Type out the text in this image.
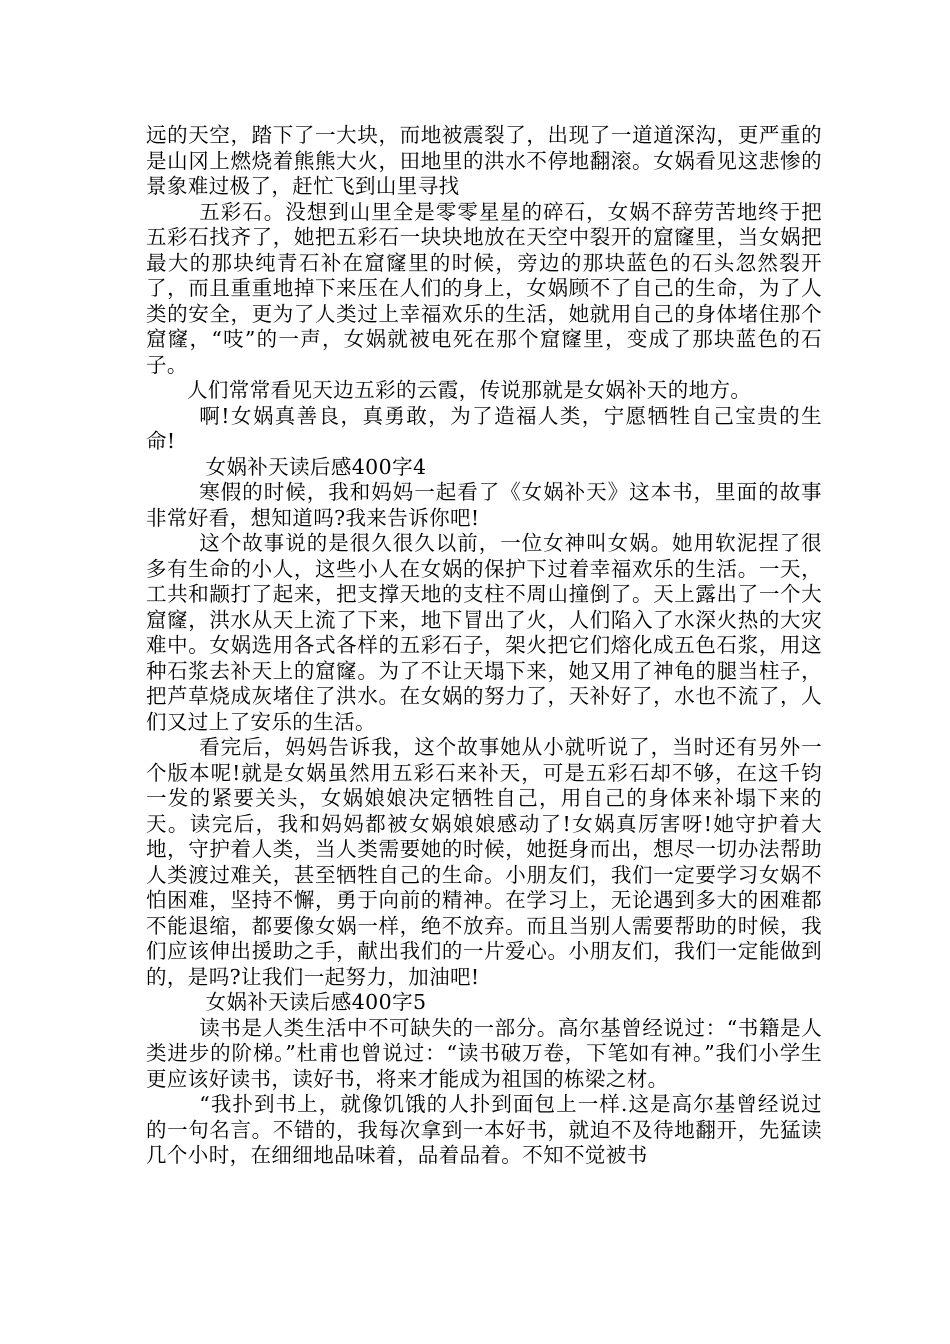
远的天空，踏下了一大块，而地被震裂了，出现了一道道深沟，更严重的是山冈上燃烧着熊熊大火，田地里的洪水不停地翻滚。女娲看见这悲惨的景象难过极了，赶忙飞到山里寻找

五彩石。没想到山里全是零零星星的碎石，女娲不辞劳苦地终于把五彩石找齐了，她把五彩石一块块地放在天空中裂开的窟窿里，当女娲把最大的那块纯青石补在窟窿里的时候，旁边的那块蓝色的石头忽然裂开了，而且重重地掉下来压在人们的身上，女娲顾不了自己的生命，为了人类的安全，更为了人类过上幸福欢乐的生活，她就用自己的身体堵住那个窟窿，“吱”的一声，女娲就被电死在那个窟窿里，变成了那块蓝色的石子。

人们常常看见天边五彩的云霞，传说那就是女娲补天的地方。

啊!女娲真善良，真勇敢，为了造福人类，宁愿牺牲自己宝贵的生命!

女娲补天读后感400字4

寒假的时候，我和妈妈一起看了《女娲补天》这本书，里面的故事非常好看，想知道吗?我来告诉你吧!

这个故事说的是很久很久以前，一位女神叫女娲。她用软泥捏了很多有生命的小人，这些小人在女娲的保护下过着幸福欢乐的生活。一天，工共和颛打了起来，把支撑天地的支柱不周山撞倒了。天上露出了一个大窟窿，洪水从天上流了下来，地下冒出了火，人们陷入了水深火热的大灾难中。女娲选用各式各样的五彩石子，架火把它们熔化成五色石浆，用这种石浆去补天上的窟窿。为了不让天塌下来，她又用了神龟的腿当柱子，把芦草烧成灰堵住了洪水。在女娲的努力了，天补好了，水也不流了，人们又过上了安乐的生活。

看完后，妈妈告诉我，这个故事她从小就听说了，当时还有另外一个版本呢!就是女娲虽然用五彩石来补天，可是五彩石却不够，在这千钧一发的紧要关头，女娲娘娘决定牺牲自己，用自己的身体来补塌下来的天。读完后，我和妈妈都被女娲娘娘感动了!女娲真厉害呀!她守护着大地，守护着人类，当人类需要她的时候，她挺身而出，想尽一切办法帮助人类渡过难关，甚至牺牲自己的生命。小朋友们，我们一定要学习女娲不怕困难，坚持不懈，勇于向前的精神。在学习上，无论遇到多大的困难都不能退缩，都要像女娲一样，绝不放弃。而且当别人需要帮助的时候，我们应该伸出援助之手，献出我们的一片爱心。小朋友们，我们一定能做到的，是吗?让我们一起努力，加油吧!

女娲补天读后感400字5

读书是人类生活中不可缺失的一部分。高尔基曾经说过：“书籍是人类进步的阶梯。”杜甫也曾说过：“读书破万卷，下笔如有神。”我们小学生更应该好读书，读好书，将来才能成为祖国的栋梁之材。

“我扑到书上，就像饥饿的人扑到面包上一样.这是高尔基曾经说过的一句名言。不错的，我每次拿到一本好书，就迫不及待地翻开，先猛读几个小时，在细细地品味着，品着品着。不知不觉被书
